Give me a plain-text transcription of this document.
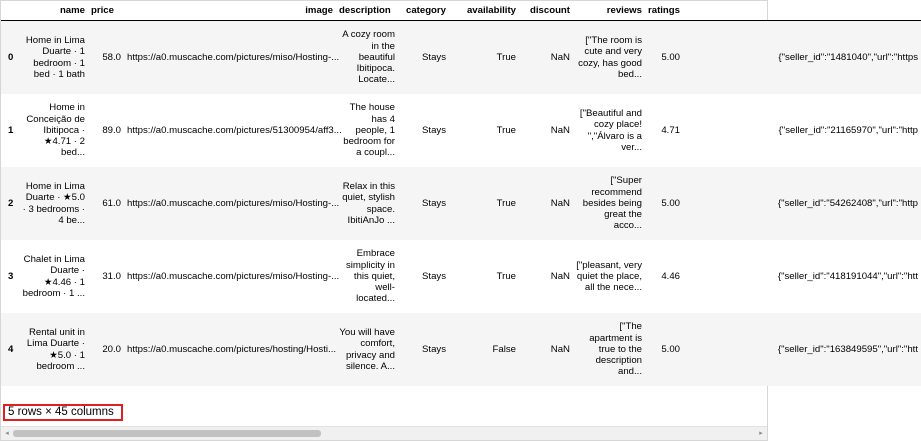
	name	price	image	description	category	availability	discount	reviews	ratings	
0	Home in Lima Duarte · 1 bedroom · 1 bed · 1 bath	58.0	https://a0.muscache.com/pictures/miso/Hosting-...	A cozy room in the beautiful Ibitipoca. Locate...	Stays	True	NaN	["The room is cute and very cozy, has good bed...	5.00	{"seller_id":"1481040","url":"https
1	Home in Conceição de Ibitipoca · ★4.71 · 2 bed...	89.0	https://a0.muscache.com/pictures/51300954/aff3...	The house has 4 people, 1 bedroom for a coupl...	Stays	True	NaN	["Beautiful and cozy place! ","Álvaro is a ver...	4.71	{"seller_id":"21165970","url":"http
2	Home in Lima Duarte · ★5.0 · 3 bedrooms · 4 be...	61.0	https://a0.muscache.com/pictures/miso/Hosting-...	Relax in this quiet, stylish space. IbitiAnJo ...	Stays	True	NaN	["Super recommend besides being great the acco...	5.00	{"seller_id":"54262408","url":"http
3	Chalet in Lima Duarte · ★4.46 · 1 bedroom · 1 ...	31.0	https://a0.muscache.com/pictures/miso/Hosting-...	Embrace simplicity in this quiet, well-located...	Stays	True	NaN	["pleasant, very quiet the place, all the nece...	4.46	{"seller_id":"418191044","url":"htt
4	Rental unit in Lima Duarte · ★5.0 · 1 bedroom ...	20.0	https://a0.muscache.com/pictures/hosting/Hosti...	You will have comfort, privacy and silence. A...	Stays	False	NaN	["The apartment is true to the description and...	5.00	{"seller_id":"163849595","url":"htt
5 rows × 45 columns
◂	▸
